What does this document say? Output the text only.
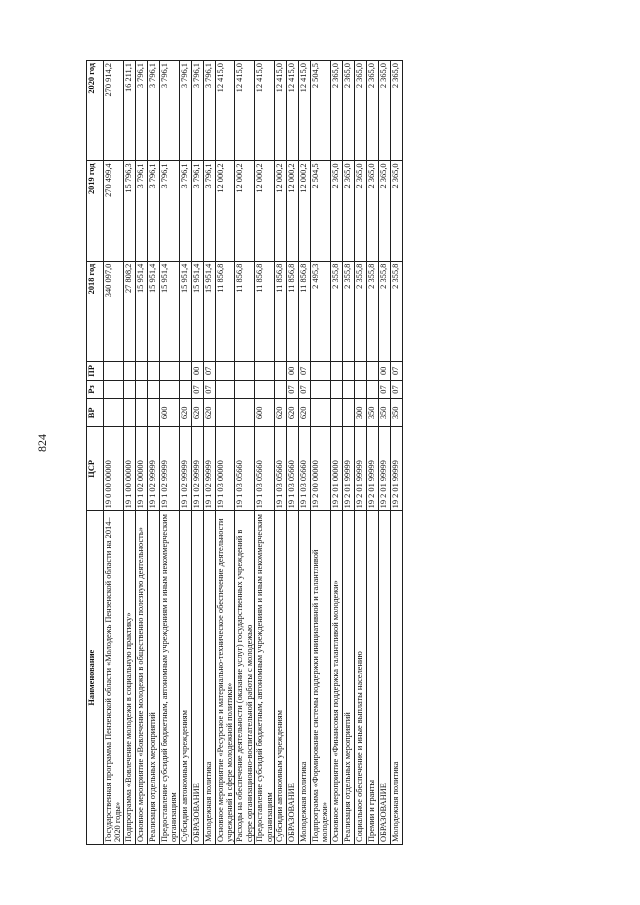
824
Наименование	ЦСР	ВР	Рз	ПР	2018 год	2019 год	2020 год
Государственная программа Пензенской области «Молодежь Пензенской области на 2014–2020 годы»	19 0 00 00000				340 097,0	270 499,4	270 914,2
Подпрограмма «Вовлечение молодежи в социальную практику»	19 1 00 00000				27 808,2	15 796,3	16 211,1
Основное мероприятие «Вовлечение молодежи в общественно полезную деятельность»	19 1 02 00000				15 951,4	3 796,1	3 796,1
Реализация отдельных мероприятий	19 1 02 99999				15 951,4	3 796,1	3 796,1
Предоставление субсидий бюджетным, автономным учреждениям и иным некоммерческим организациям	19 1 02 99999	600			15 951,4	3 796,1	3 796,1
Субсидии автономным учреждениям	19 1 02 99999	620			15 951,4	3 796,1	3 796,1
ОБРАЗОВАНИЕ	19 1 02 99999	620	07	00	15 951,4	3 796,1	3 796,1
Молодежная политика	19 1 02 99999	620	07	07	15 951,4	3 796,1	3 796,1
Основное мероприятие «Ресурсное и материально-техническое обеспечение деятельности учреждений в сфере молодежной политики»	19 1 03 00000				11 856,8	12 000,2	12 415,0
Расходы на обеспечение деятельности (оказание услуг) государственных учреждений в сфере организационно-воспитательной работы с молодежью	19 1 03 05660				11 856,8	12 000,2	12 415,0
Предоставление субсидий бюджетным, автономным учреждениям и иным некоммерческим организациям	19 1 03 05660	600			11 856,8	12 000,2	12 415,0
Субсидии автономным учреждениям	19 1 03 05660	620			11 856,8	12 000,2	12 415,0
ОБРАЗОВАНИЕ	19 1 03 05660	620	07	00	11 856,8	12 000,2	12 415,0
Молодежная политика	19 1 03 05660	620	07	07	11 856,8	12 000,2	12 415,0
Подпрограмма «Формирование системы поддержки инициативной и талантливой молодежи»	19 2 00 00000				2 495,3	2 504,5	2 504,5
Основное мероприятие «Финансовая поддержка талантливой молодежи»	19 2 01 00000				2 355,8	2 365,0	2 365,0
Реализация отдельных мероприятий	19 2 01 99999				2 355,8	2 365,0	2 365,0
Социальное обеспечение и иные выплаты населению	19 2 01 99999	300			2 355,8	2 365,0	2 365,0
Премии и гранты	19 2 01 99999	350			2 355,8	2 365,0	2 365,0
ОБРАЗОВАНИЕ	19 2 01 99999	350	07	00	2 355,8	2 365,0	2 365,0
Молодежная политика	19 2 01 99999	350	07	07	2 355,8	2 365,0	2 365,0
